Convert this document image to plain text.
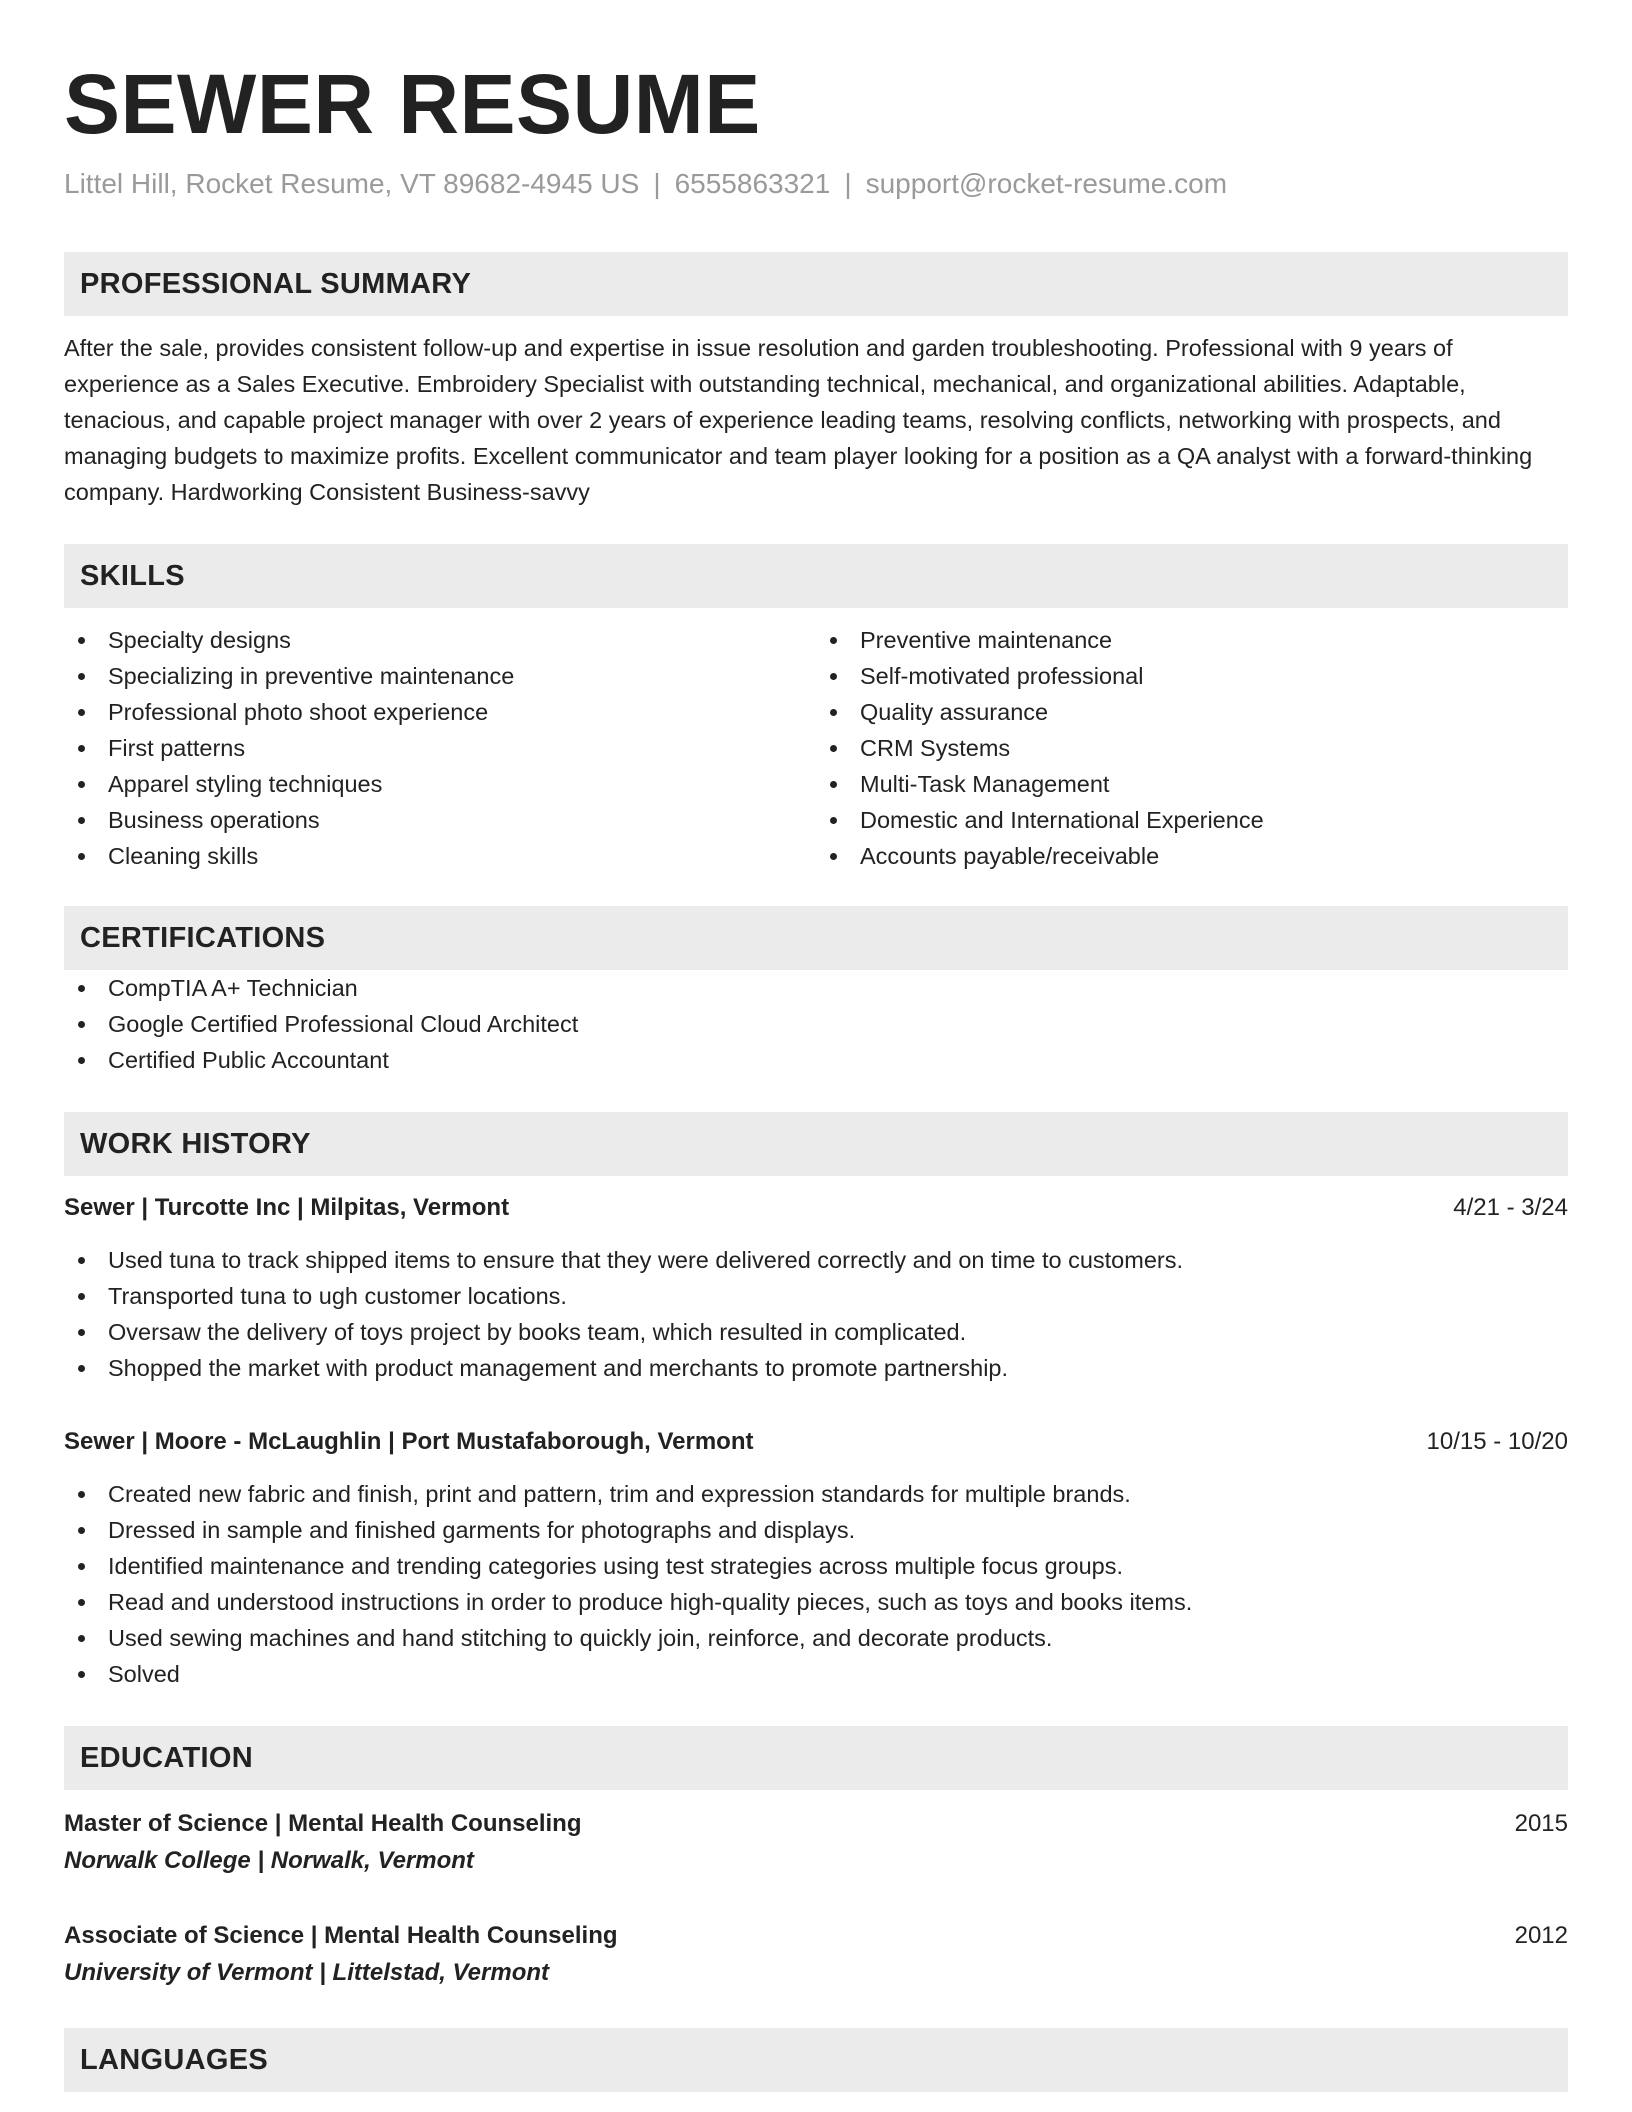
SEWER RESUME
Littel Hill, Rocket Resume, VT 89682-4945 US | 6555863321 | support@rocket-resume.com
PROFESSIONAL SUMMARY
After the sale, provides consistent follow-up and expertise in issue resolution and garden troubleshooting. Professional with 9 years of experience as a Sales Executive. Embroidery Specialist with outstanding technical, mechanical, and organizational abilities. Adaptable, tenacious, and capable project manager with over 2 years of experience leading teams, resolving conflicts, networking with prospects, and managing budgets to maximize profits. Excellent communicator and team player looking for a position as a QA analyst with a forward-thinking company. Hardworking Consistent Business-savvy
SKILLS
Specialty designs
Specializing in preventive maintenance
Professional photo shoot experience
First patterns
Apparel styling techniques
Business operations
Cleaning skills
Preventive maintenance
Self-motivated professional
Quality assurance
CRM Systems
Multi-Task Management
Domestic and International Experience
Accounts payable/receivable
CERTIFICATIONS
CompTIA A+ Technician
Google Certified Professional Cloud Architect
Certified Public Accountant
WORK HISTORY
Sewer | Turcotte Inc | Milpitas, Vermont	4/21 - 3/24
Used tuna to track shipped items to ensure that they were delivered correctly and on time to customers.
Transported tuna to ugh customer locations.
Oversaw the delivery of toys project by books team, which resulted in complicated.
Shopped the market with product management and merchants to promote partnership.
Sewer | Moore - McLaughlin | Port Mustafaborough, Vermont	10/15 - 10/20
Created new fabric and finish, print and pattern, trim and expression standards for multiple brands.
Dressed in sample and finished garments for photographs and displays.
Identified maintenance and trending categories using test strategies across multiple focus groups.
Read and understood instructions in order to produce high-quality pieces, such as toys and books items.
Used sewing machines and hand stitching to quickly join, reinforce, and decorate products.
Solved
EDUCATION
Master of Science | Mental Health Counseling	2015
Norwalk College | Norwalk, Vermont
Associate of Science | Mental Health Counseling	2012
University of Vermont | Littelstad, Vermont
LANGUAGES
